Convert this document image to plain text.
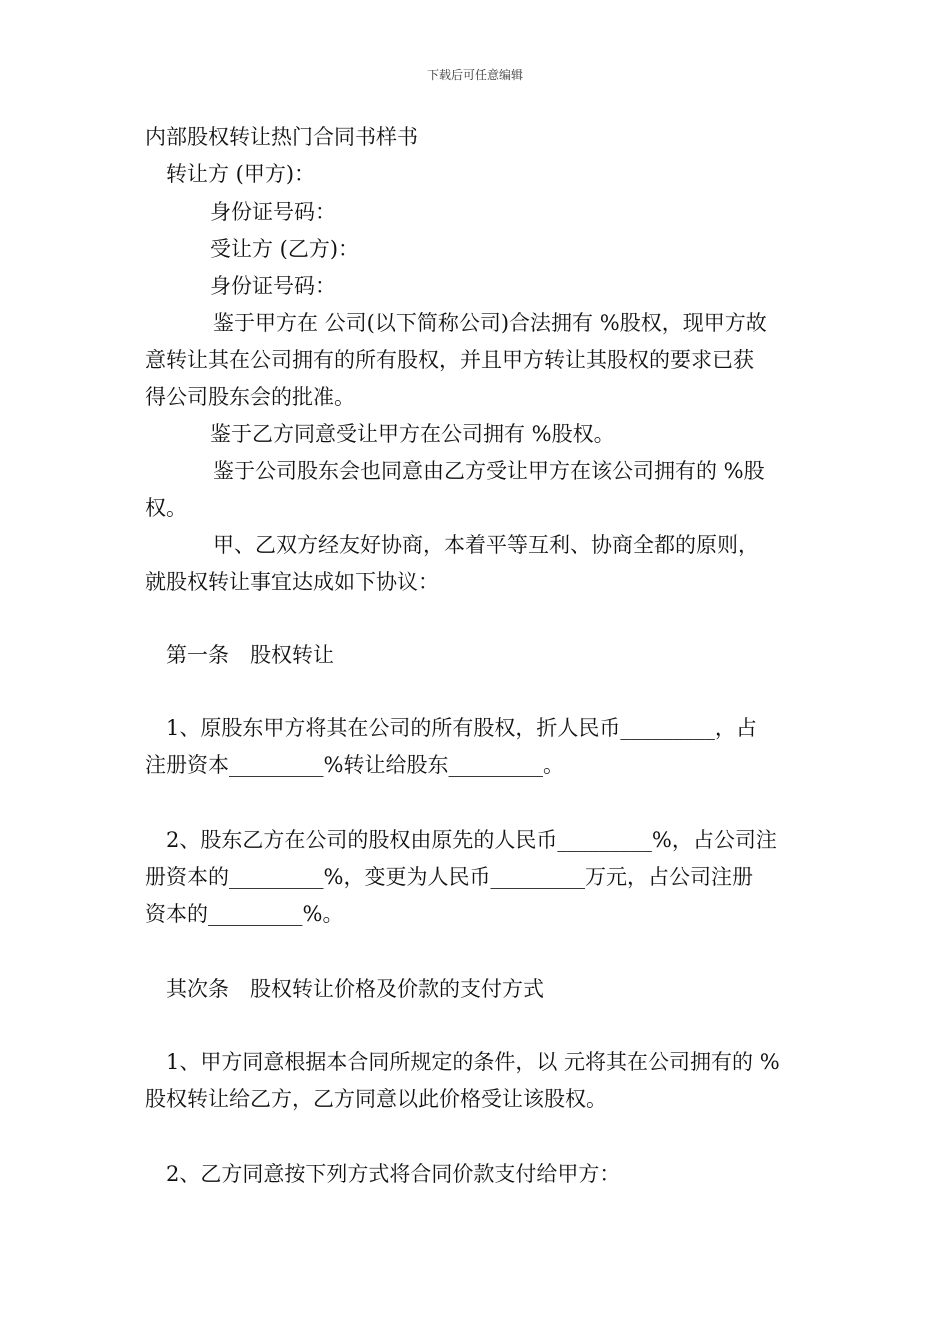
下载后可任意编辑
内部股权转让热门合同书样书
转让方 (甲方)：
身份证号码：
受让方 (乙方)：
身份证号码：
鉴于甲方在 公司(以下简称公司)合法拥有 %股权，现甲方故
意转让其在公司拥有的所有股权，并且甲方转让其股权的要求已获
得公司股东会的批准。
鉴于乙方同意受让甲方在公司拥有 %股权。
鉴于公司股东会也同意由乙方受让甲方在该公司拥有的 %股
权。
甲、乙双方经友好协商，本着平等互利、协商全都的原则，
就股权转让事宜达成如下协议：
第一条　股权转让
1、原股东甲方将其在公司的所有股权，折人民币_________，占
注册资本_________%转让给股东_________。
2、股东乙方在公司的股权由原先的人民币_________%，占公司注
册资本的_________%，变更为人民币_________万元，占公司注册
资本的_________%。
其次条　股权转让价格及价款的支付方式
1、甲方同意根据本合同所规定的条件，以 元将其在公司拥有的 %
股权转让给乙方，乙方同意以此价格受让该股权。
2、乙方同意按下列方式将合同价款支付给甲方：
